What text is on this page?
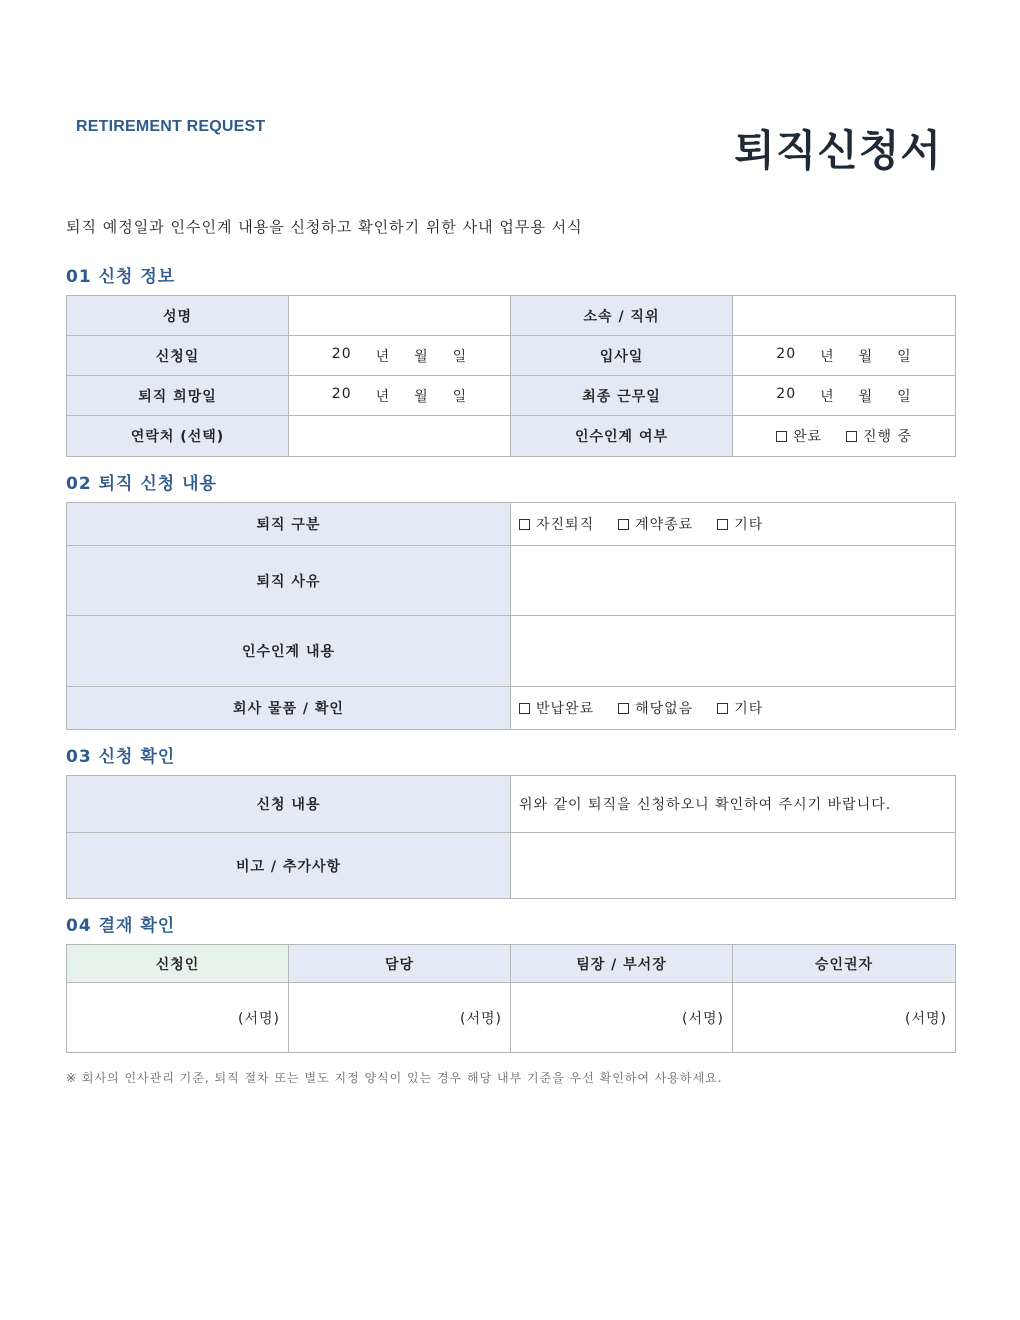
RETIREMENT REQUEST	퇴직신청서
퇴직 예정일과 인수인계 내용을 신청하고 확인하기 위한 사내 업무용 서식
01 신청 정보
성명		소속 / 직위	
신청일	20 년 월 일	입사일	20 년 월 일

퇴직 희망일	20 년 월 일	최종 근무일	20 년 월 일

연락처 (선택)		인수인계 여부	완료 진행 중
02 퇴직 신청 내용
퇴직 구분	자진퇴직 계약종료 기타

퇴직 사유	
인수인계 내용	
회사 물품 / 확인	반납완료 해당없음 기타
03 신청 확인
신청 내용	위와 같이 퇴직을 신청하오니 확인하여 주시기 바랍니다.
비고 / 추가사항	
04 결재 확인
신청인	담당	팀장 / 부서장	승인권자
(서명)	(서명)	(서명)	(서명)
※ 회사의 인사관리 기준, 퇴직 절차 또는 별도 지정 양식이 있는 경우 해당 내부 기준을 우선 확인하여 사용하세요.
